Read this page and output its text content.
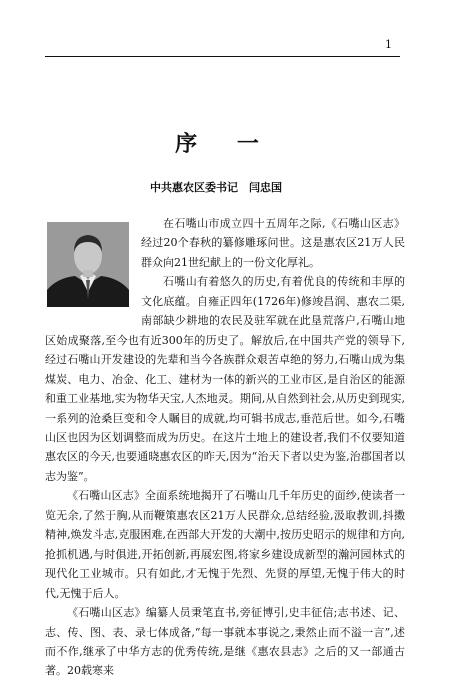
1
序 一
中共惠农区委书记　闫忠国

在石嘴山市成立四十五周年之际,《石嘴山区志》经过20个春秋的纂修雕琢问世。这是惠农区21万人民群众向21世纪献上的一份文化厚礼。

石嘴山有着悠久的历史,有着优良的传统和丰厚的文化底蕴。自雍正四年(1726年)修竣昌润、惠农二渠,南部缺少耕地的农民及驻军就在此垦荒落户,石嘴山地区始成聚落,至今也有近300年的历史了。解放后,在中国共产党的领导下,经过石嘴山开发建设的先辈和当今各族群众艰苦卓绝的努力,石嘴山成为集煤炭、电力、冶金、化工、建材为一体的新兴的工业市区,是自治区的能源和重工业基地,实为物华天宝,人杰地灵。期间,从自然到社会,从历史到现实,一系列的沧桑巨变和令人瞩目的成就,均可辑书成志,垂范后世。如今,石嘴山区也因为区划调整而成为历史。在这片土地上的建设者,我们不仅要知道惠农区的今天,也要通晓惠农区的昨天,因为“治天下者以史为鉴,治郡国者以志为鉴”。

《石嘴山区志》全面系统地揭开了石嘴山几千年历史的面纱,使读者一览无余,了然于胸,从而鞭策惠农区21万人民群众,总结经验,汲取教训,抖擞精神,焕发斗志,克服困难,在西部大开发的大潮中,按历史昭示的规律和方向,抢抓机遇,与时俱进,开拓创新,再展宏图,将家乡建设成新型的瀚河园林式的现代化工业城市。只有如此,才无愧于先烈、先贤的厚望,无愧于伟大的时代,无愧于后人。

《石嘴山区志》编纂人员秉笔直书,旁征博引,史丰征信;志书述、记、志、传、图、表、录七体成备,“每一事就本事说之,秉然止而不溢一言”,述而不作,继承了中华方志的优秀传统,是继《惠农县志》之后的又一部通古著。20载寒来
